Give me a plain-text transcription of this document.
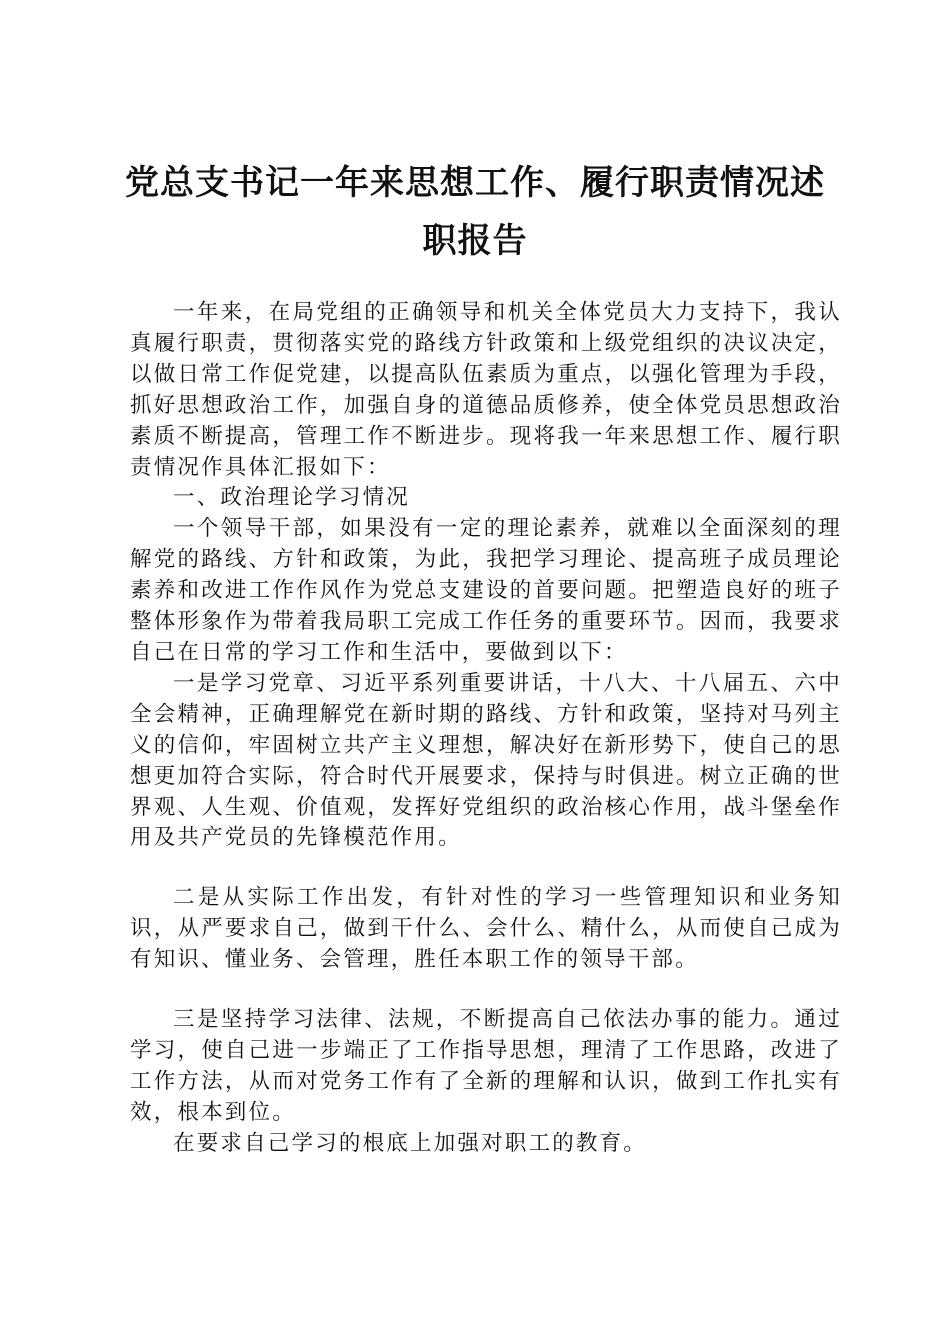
党总支书记一年来思想工作、履行职责情况述
职报告

一年来，在局党组的正确领导和机关全体党员大力支持下，我认真履行职责，贯彻落实党的路线方针政策和上级党组织的决议决定，以做日常工作促党建，以提高队伍素质为重点，以强化管理为手段，抓好思想政治工作，加强自身的道德品质修养，使全体党员思想政治素质不断提高，管理工作不断进步。现将我一年来思想工作、履行职责情况作具体汇报如下：

一、政治理论学习情况

一个领导干部，如果没有一定的理论素养，就难以全面深刻的理解党的路线、方针和政策，为此，我把学习理论、提高班子成员理论素养和改进工作作风作为党总支建设的首要问题。把塑造良好的班子整体形象作为带着我局职工完成工作任务的重要环节。因而，我要求自己在日常的学习工作和生活中，要做到以下：

一是学习党章、习近平系列重要讲话，十八大、十八届五、六中全会精神，正确理解党在新时期的路线、方针和政策，坚持对马列主义的信仰，牢固树立共产主义理想，解决好在新形势下，使自己的思想更加符合实际，符合时代开展要求，保持与时俱进。树立正确的世界观、人生观、价值观，发挥好党组织的政治核心作用，战斗堡垒作用及共产党员的先锋模范作用。

二是从实际工作出发，有针对性的学习一些管理知识和业务知识，从严要求自己，做到干什么、会什么、精什么，从而使自己成为有知识、懂业务、会管理，胜任本职工作的领导干部。

三是坚持学习法律、法规，不断提高自己依法办事的能力。通过学习，使自己进一步端正了工作指导思想，理清了工作思路，改进了工作方法，从而对党务工作有了全新的理解和认识，做到工作扎实有效，根本到位。

在要求自己学习的根底上加强对职工的教育。
